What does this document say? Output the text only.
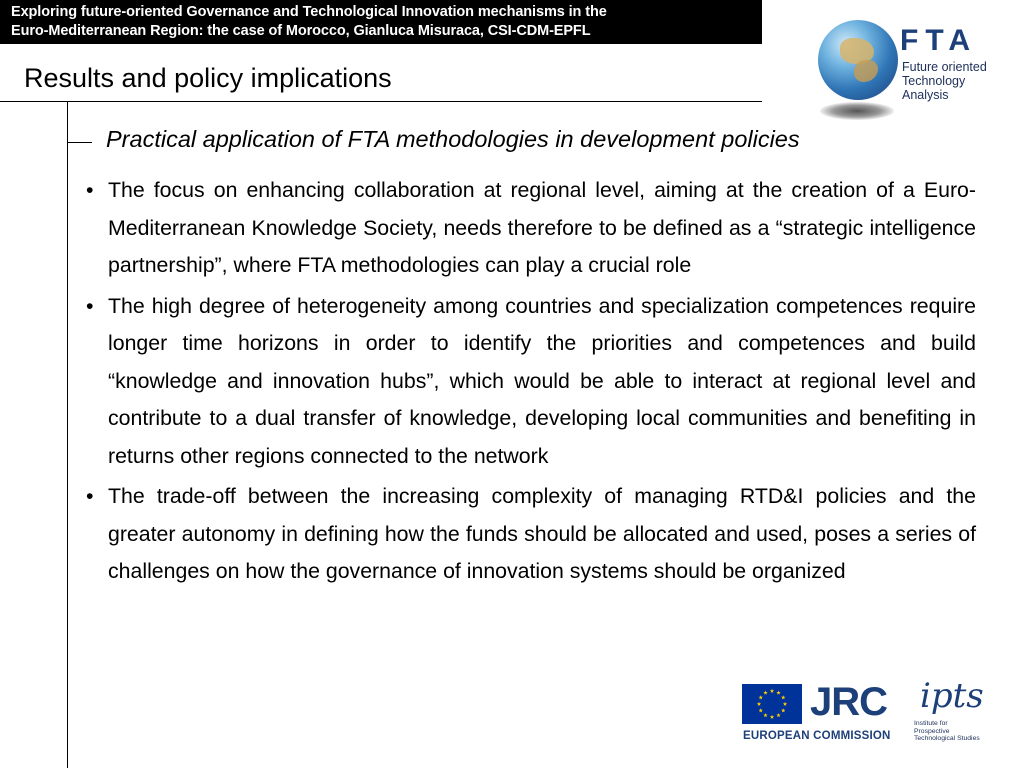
Exploring future-oriented Governance and Technological Innovation mechanisms in the
Euro-Mediterranean Region: the case of Morocco, Gianluca Misuraca, CSI-CDM-EPFL
Results and policy implications
Practical application of FTA methodologies in development policies
• The focus on enhancing collaboration at regional level, aiming at the creation of a Euro-Mediterranean Knowledge Society, needs therefore to be defined as a “strategic intelligence partnership”, where FTA methodologies can play a crucial role
• The high degree of heterogeneity among countries and specialization competences require longer time horizons in order to identify the priorities and competences and build “knowledge and innovation hubs”, which would be able to interact at regional level and contribute to a dual transfer of knowledge, developing local communities and benefiting in returns other regions connected to the network
• The trade-off between the increasing complexity of managing RTD&I policies and the greater autonomy in defining how the funds should be allocated and used, poses a series of challenges on how the governance of innovation systems should be organized
FTA
Future oriented
Technology
Analysis
JRC
EUROPEAN COMMISSION
ipts
Institute for
Prospective
Technological Studies
